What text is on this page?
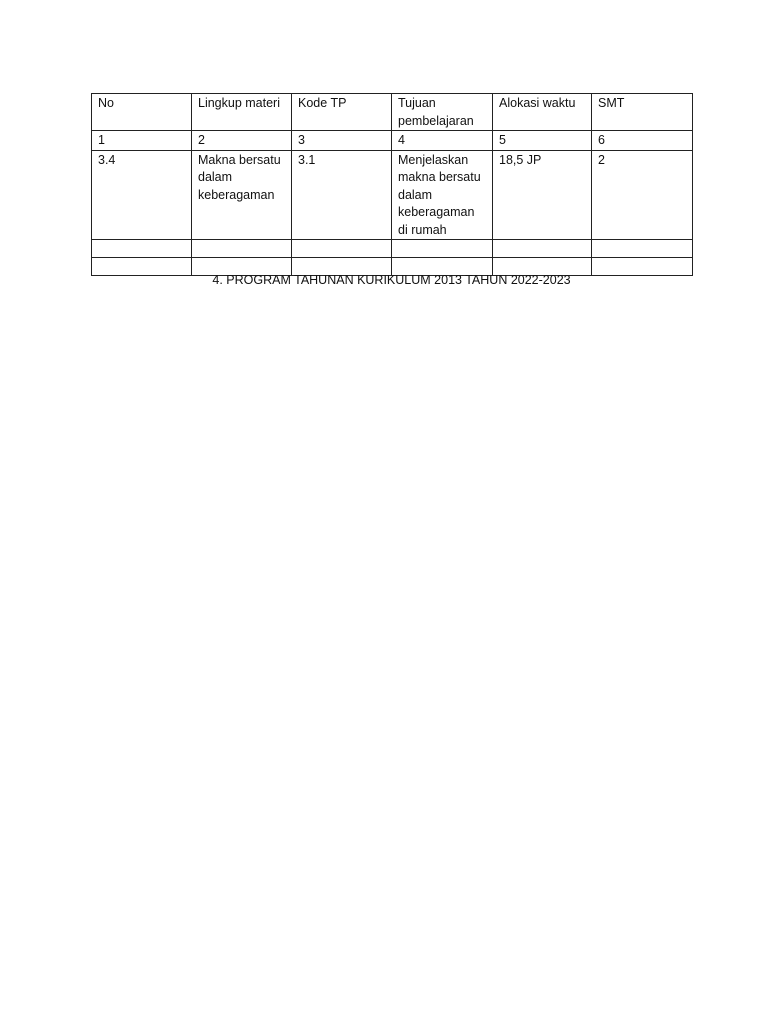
No	Lingkup materi	Kode TP	Tujuan pembelajaran	Alokasi waktu	SMT
1	2	3	4	5	6
3.4	Makna bersatu dalam keberagaman	3.1	Menjelaskan makna bersatu dalam keberagaman di rumah	18,5 JP	2

4. PROGRAM TAHUNAN KURIKULUM 2013 TAHUN 2022-2023
